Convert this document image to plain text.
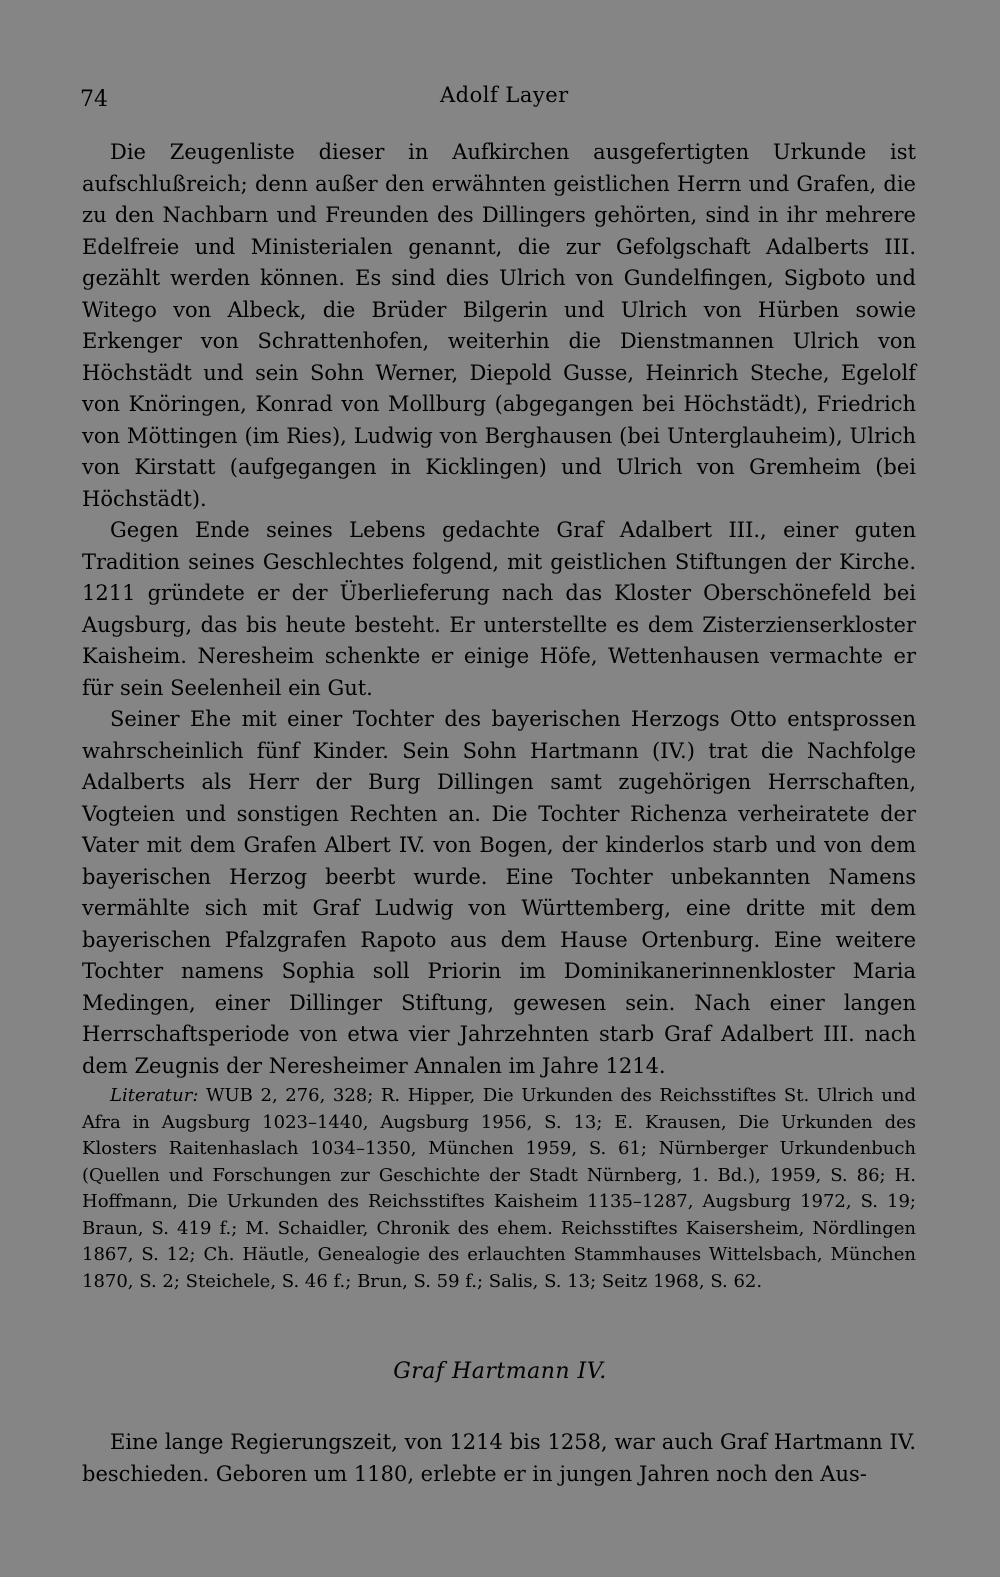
74	Adolf Layer

Die Zeugenliste dieser in Aufkirchen ausgefertigten Urkunde ist aufschlußreich; denn außer den erwähnten geistlichen Herrn und Grafen, die zu den Nachbarn und Freunden des Dillingers gehörten, sind in ihr mehrere Edelfreie und Ministerialen genannt, die zur Gefolgschaft Adalberts III. gezählt werden können. Es sind dies Ulrich von Gundelfingen, Sigboto und Witego von Albeck, die Brüder Bilgerin und Ulrich von Hürben sowie Erkenger von Schrattenhofen, weiterhin die Dienstmannen Ulrich von Höchstädt und sein Sohn Werner, Diepold Gusse, Heinrich Steche, Egelolf von Knöringen, Konrad von Mollburg (abgegangen bei Höchstädt), Friedrich von Möttingen (im Ries), Ludwig von Berghausen (bei Unterglauheim), Ulrich von Kirstatt (aufgegangen in Kicklingen) und Ulrich von Gremheim (bei Höchstädt).

Gegen Ende seines Lebens gedachte Graf Adalbert III., einer guten Tradition seines Geschlechtes folgend, mit geistlichen Stiftungen der Kirche. 1211 gründete er der Überlieferung nach das Kloster Oberschönefeld bei Augsburg, das bis heute besteht. Er unterstellte es dem Zisterzienserkloster Kaisheim. Neresheim schenkte er einige Höfe, Wettenhausen vermachte er für sein Seelenheil ein Gut.

Seiner Ehe mit einer Tochter des bayerischen Herzogs Otto entsprossen wahrscheinlich fünf Kinder. Sein Sohn Hartmann (IV.) trat die Nachfolge Adalberts als Herr der Burg Dillingen samt zugehörigen Herrschaften, Vogteien und sonstigen Rechten an. Die Tochter Richenza verheiratete der Vater mit dem Grafen Albert IV. von Bogen, der kinderlos starb und von dem bayerischen Herzog beerbt wurde. Eine Tochter unbekannten Namens vermählte sich mit Graf Ludwig von Württemberg, eine dritte mit dem bayerischen Pfalzgrafen Rapoto aus dem Hause Ortenburg. Eine weitere Tochter namens Sophia soll Priorin im Dominikanerinnenkloster Maria Medingen, einer Dillinger Stiftung, gewesen sein. Nach einer langen Herrschaftsperiode von etwa vier Jahrzehnten starb Graf Adalbert III. nach dem Zeugnis der Neresheimer Annalen im Jahre 1214.

Literatur: WUB 2, 276, 328; R. Hipper, Die Urkunden des Reichsstiftes St. Ulrich und Afra in Augsburg 1023–1440, Augsburg 1956, S. 13; E. Krausen, Die Urkunden des Klosters Raitenhaslach 1034–1350, München 1959, S. 61; Nürnberger Urkundenbuch (Quellen und Forschungen zur Geschichte der Stadt Nürnberg, 1. Bd.), 1959, S. 86; H. Hoffmann, Die Urkunden des Reichsstiftes Kaisheim 1135–1287, Augsburg 1972, S. 19; Braun, S. 419 f.; M. Schaidler, Chronik des ehem. Reichsstiftes Kaisersheim, Nördlingen 1867, S. 12; Ch. Häutle, Genealogie des erlauchten Stammhauses Wittelsbach, München 1870, S. 2; Steichele, S. 46 f.; Brun, S. 59 f.; Salis, S. 13; Seitz 1968, S. 62.

Graf Hartmann IV.

Eine lange Regierungszeit, von 1214 bis 1258, war auch Graf Hartmann IV. beschieden. Geboren um 1180, erlebte er in jungen Jahren noch den Aus-
